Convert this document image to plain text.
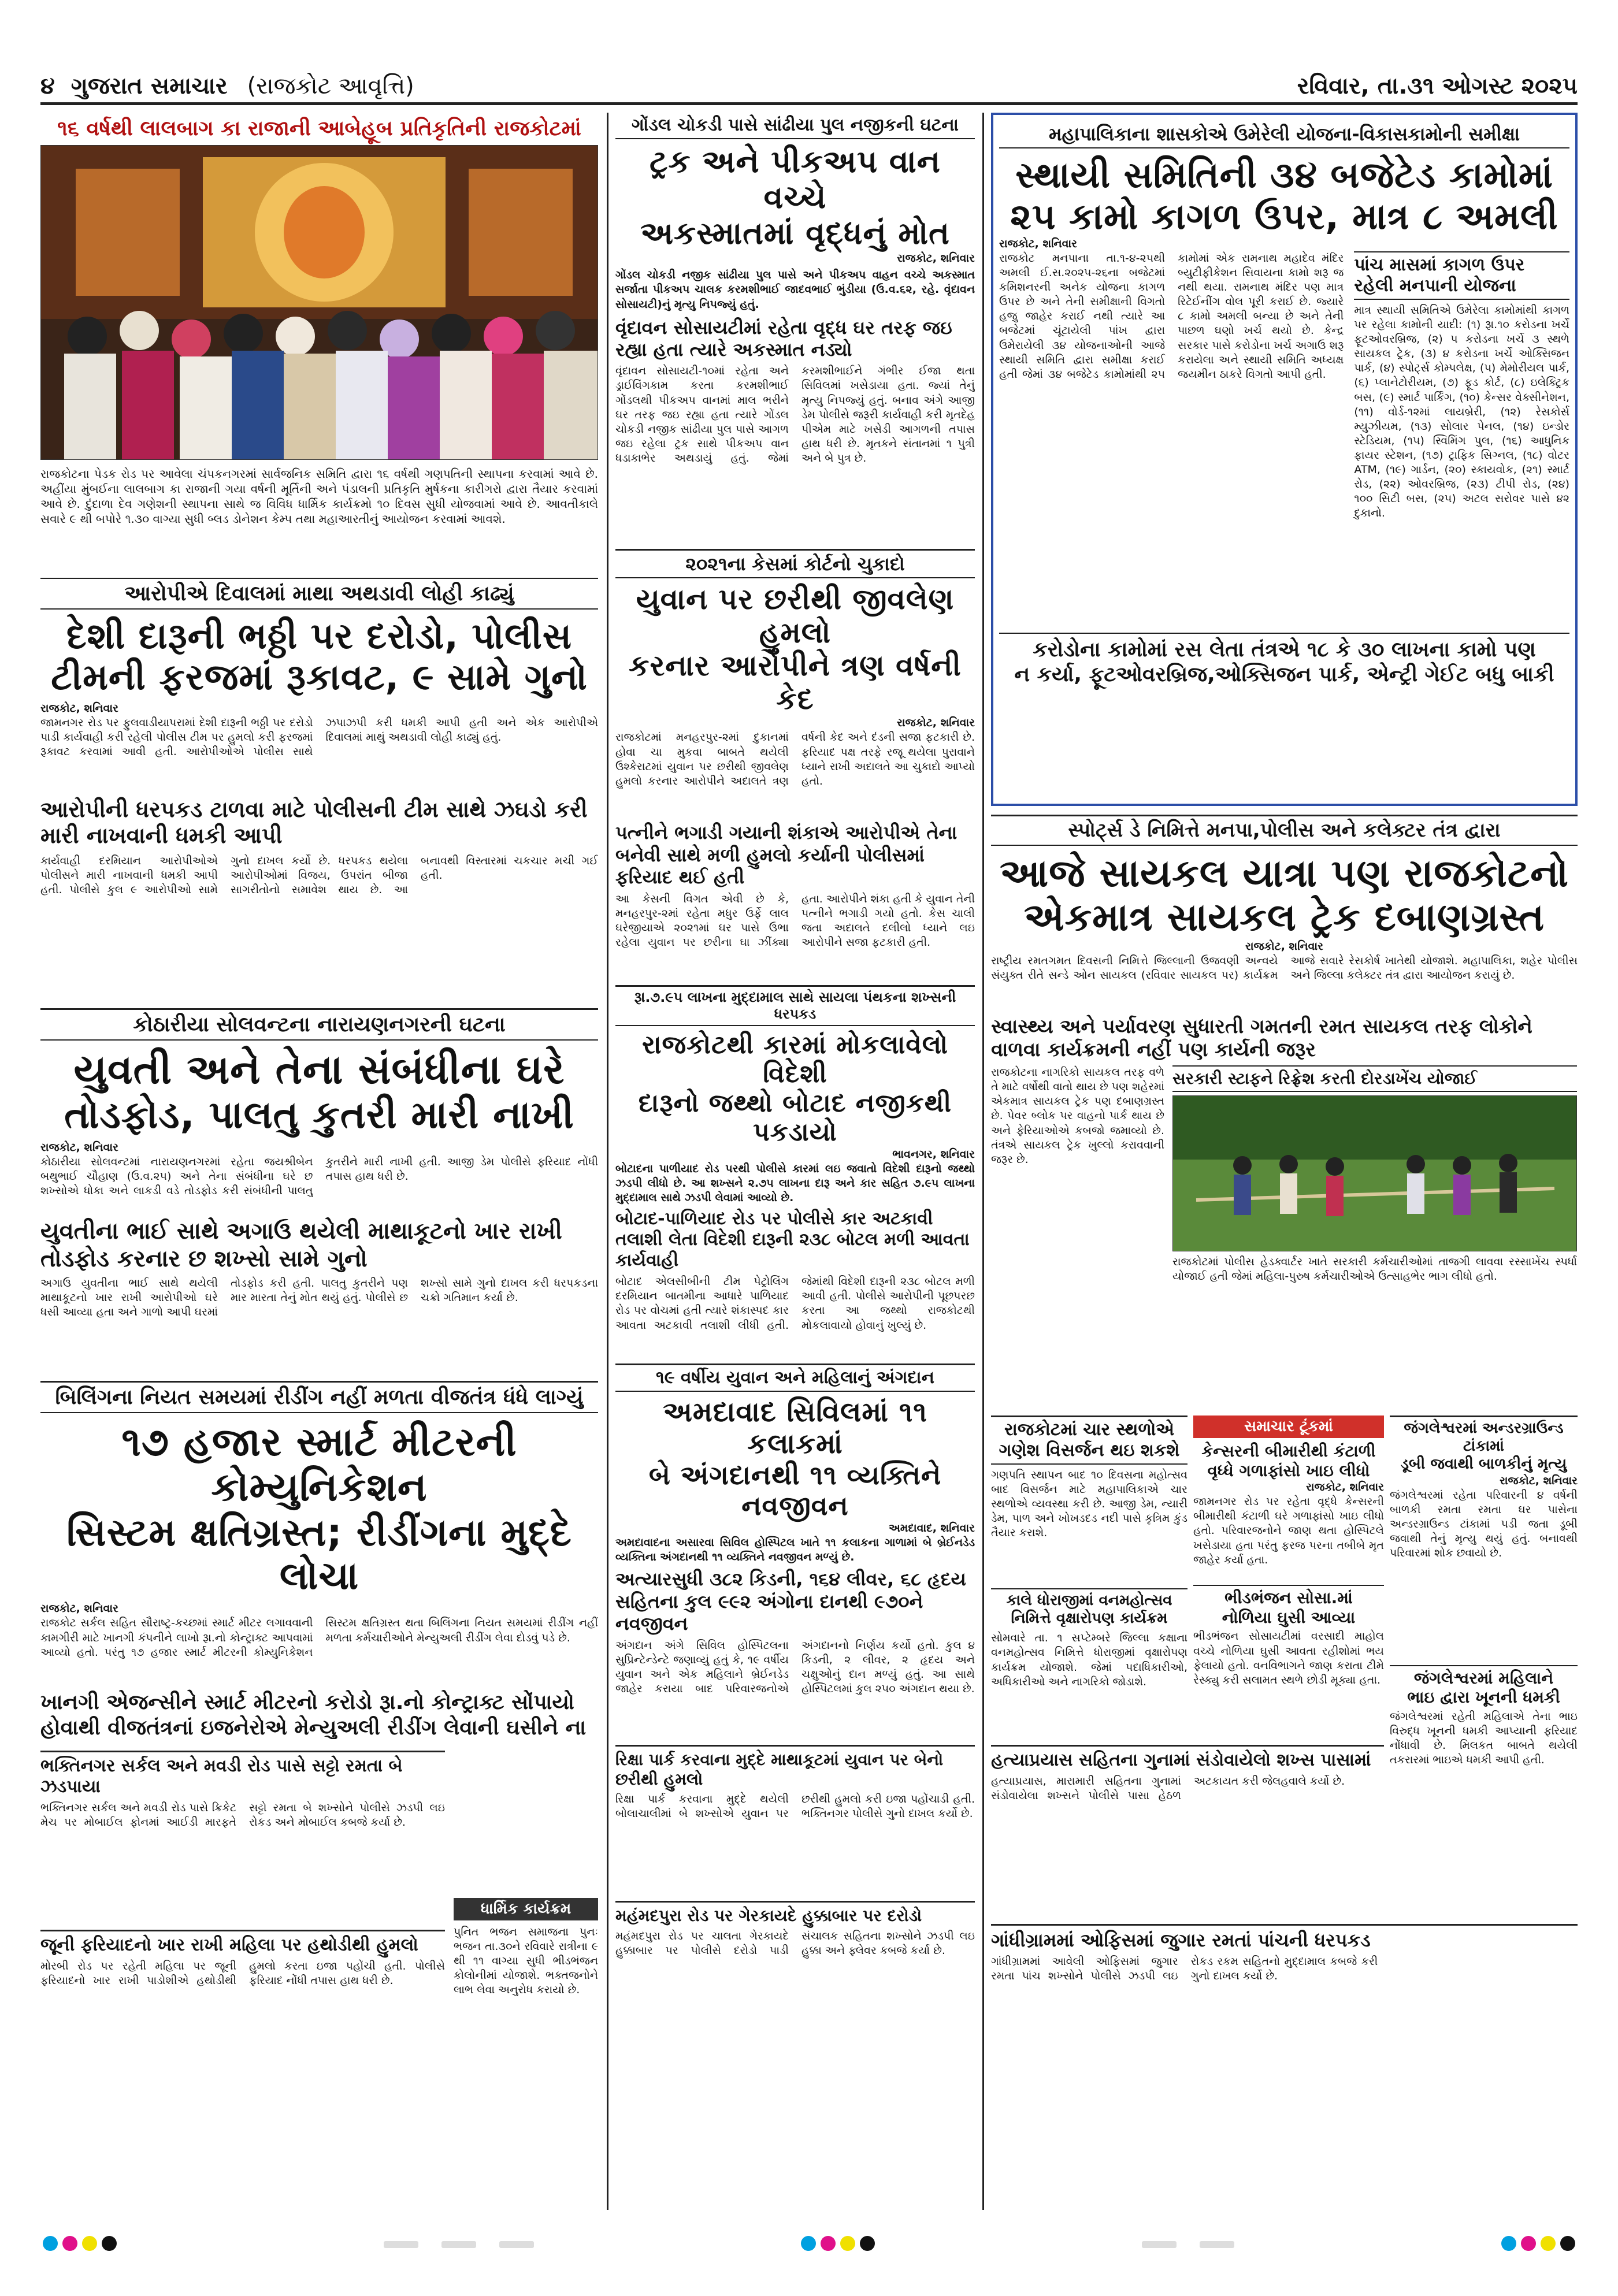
૪ ગુજરાત સમાચાર (રાજકોટ આવૃત્તિ)	રવિવાર, તા.૩૧ ઓગસ્ટ ૨૦૨૫
૧૬ વર્ષથી લાલબાગ કા રાજાની આબેહૂબ પ્રતિકૃતિની રાજકોટમાં
રાજકોટના પેડક રોડ પર આવેલા ચંપકનગરમાં સાર્વજનિક સમિતિ દ્વારા ૧૬ વર્ષથી ગણપતિની સ્થાપના કરવામાં આવે છે. અહીંયા મુંબઈના લાલબાગ કા રાજાની ગયા વર્ષની મૂર્તિની અને પંડાલની પ્રતિકૃતિ મુર્ષકના કારીગરો દ્વારા તૈયાર કરવામાં આવે છે. દુંદાળા દેવ ગણેશની સ્થાપના સાથે જ વિવિધ ધાર્મિક કાર્યક્રમો ૧૦ દિવસ સુધી યોજવામાં આવે છે. આવતીકાલે સવારે ૯ થી બપોરે ૧.૩૦ વાગ્યા સુધી બ્લડ ડોનેશન કેમ્પ તથા મહાઆરતીનું આયોજન કરવામાં આવશે.
આરોપીએ દિવાલમાં માથા અથડાવી લોહી કાઢ્યું
દેશી દારૂની ભઠ્ઠી પર દરોડો, પોલીસ
ટીમની ફરજમાં રૂકાવટ, ૯ સામે ગુનો
રાજકોટ, શનિવાર
જામનગર રોડ પર ફુલવાડીયાપરામાં દેશી દારૂની ભઠ્ઠી પર દરોડો પાડી કાર્યવાહી કરી રહેલી પોલીસ ટીમ પર હુમલો કરી ફરજમાં રૂકાવટ કરવામાં આવી હતી. આરોપીઓએ પોલીસ સાથે ઝપાઝપી કરી ધમકી આપી હતી અને એક આરોપીએ દિવાલમાં માથું અથડાવી લોહી કાઢ્યું હતું.
આરોપીની ધરપકડ ટાળવા માટે પોલીસની ટીમ સાથે ઝઘડો કરી મારી નાખવાની ધમકી આપી
કાર્યવાહી દરમિયાન આરોપીઓએ પોલીસને મારી નાખવાની ધમકી આપી હતી. પોલીસે કુલ ૯ આરોપીઓ સામે ગુનો દાખલ કર્યો છે. ધરપકડ થયેલા આરોપીઓમાં વિજય, ઉપરાંત બીજા સાગરીતોનો સમાવેશ થાય છે. આ બનાવથી વિસ્તારમાં ચકચાર મચી ગઈ હતી.
કોઠારીયા સોલવન્ટના નારાયણનગરની ઘટના
યુવતી અને તેના સંબંધીના ઘરે
તોડફોડ, પાલતુ કુતરી મારી નાખી
રાજકોટ, શનિવાર
કોઠારીયા સોલવન્ટમાં નારાયણનગરમાં રહેતા જયશ્રીબેન બથુભાઈ ચૌહાણ (ઉ.વ.૨૫) અને તેના સંબંધીના ઘરે છ શખ્સોએ ધોકા અને લાકડી વડે તોડફોડ કરી સંબંધીની પાલતુ કુતરીને મારી નાખી હતી. આજી ડેમ પોલીસે ફરિયાદ નોંધી તપાસ હાથ ધરી છે.
યુવતીના ભાઈ સાથે અગાઉ થયેલી માથાકૂટનો ખાર રાખી તોડફોડ કરનાર છ શખ્સો સામે ગુનો
અગાઉ યુવતીના ભાઈ સાથે થયેલી માથાકૂટનો ખાર રાખી આરોપીઓ ઘરે ધસી આવ્યા હતા અને ગાળો આપી ઘરમાં તોડફોડ કરી હતી. પાલતુ કુતરીને પણ માર મારતા તેનું મોત થયું હતું. પોલીસે છ શખ્સો સામે ગુનો દાખલ કરી ધરપકડના ચક્રો ગતિમાન કર્યા છે.
બિલિંગના નિયત સમયમાં રીડીંગ નહીં મળતા વીજતંત્ર ધંધે લાગ્યું
૧૭ હજાર સ્માર્ટ મીટરની કોમ્યુનિકેશન
સિસ્ટમ ક્ષતિગ્રસ્ત; રીડીંગના મુદ્દે લોચા
રાજકોટ, શનિવાર
રાજકોટ સર્કલ સહિત સૌરાષ્ટ્ર-કચ્છમાં સ્માર્ટ મીટર લગાવવાની કામગીરી માટે ખાનગી કંપનીને લાખો રૂા.નો કોન્ટ્રાક્ટ આપવામાં આવ્યો હતો. પરંતુ ૧૭ હજાર સ્માર્ટ મીટરની કોમ્યુનિકેશન સિસ્ટમ ક્ષતિગ્રસ્ત થતા બિલિંગના નિયત સમયમાં રીડીંગ નહીં મળતા કર્મચારીઓને મેન્યુઅલી રીડીંગ લેવા દોડવું પડે છે.
ખાનગી એજન્સીને સ્માર્ટ મીટરનો કરોડો રૂા.નો કોન્ટ્રાક્ટ સોંપાયો હોવાથી વીજતંત્રનાં ઇજનેરોએ મેન્યુઅલી રીડીંગ લેવાની ઘસીને ના
ભક્તિનગર સર્કલ અને મવડી રોડ પાસે સટ્ટો રમતા બે ઝડપાયા
ભક્તિનગર સર્કલ અને મવડી રોડ પાસે ક્રિકેટ મેચ પર મોબાઈલ ફોનમાં આઈડી મારફતે સટ્ટો રમતા બે શખ્સોને પોલીસે ઝડપી લઇ રોકડ અને મોબાઈલ કબજે કર્યા છે.
જૂની ફરિયાદનો ખાર રાખી મહિલા પર હથોડીથી હુમલો
મોરબી રોડ પર રહેતી મહિલા પર જૂની ફરિયાદનો ખાર રાખી પાડોશીએ હથોડીથી હુમલો કરતા ઇજા પહોંચી હતી. પોલીસે ફરિયાદ નોંધી તપાસ હાથ ધરી છે.
ધાર્મિક કાર્યક્રમ
પુનિત ભજન સમાજના પુનઃ ભજન તા.૩૦ને રવિવારે રાત્રીના ૯ થી ૧૧ વાગ્યા સુધી ભીડભંજન કોલોનીમાં યોજાશે. ભક્તજનોને લાભ લેવા અનુરોધ કરાયો છે.
ગોંડલ ચોકડી પાસે સાંઢીયા પુલ નજીકની ઘટના
ટ્રક અને પીકઅપ વાન વચ્ચે
અકસ્માતમાં વૃદ્ધનું મોત
રાજકોટ, શનિવાર
ગોંડલ ચોકડી નજીક સાંઢીયા પુલ પાસે અને પીકઅપ વાહન વચ્ચે અકસ્માત સર્જાતા પીકઅપ ચાલક કરમશીભાઈ જાદવભાઈ ભુંડીયા (ઉ.વ.૬૨, રહે. વૃંદાવન સોસાયટી)નું મૃત્યુ નિપજ્યું હતું.
વૃંદાવન સોસાયટીમાં રહેતા વૃદ્ધ ઘર તરફ જઇ રહ્યા હતા ત્યારે અકસ્માત નડ્યો
વૃંદાવન સોસાયટી-૧૦માં રહેતા અને ડ્રાઈવિંગકામ કરતા કરમશીભાઈ ગોંડલથી પીકઅપ વાનમાં માલ ભરીને ઘર તરફ જઇ રહ્યા હતા ત્યારે ગોંડલ ચોકડી નજીક સાંઢીયા પુલ પાસે આગળ જઇ રહેલા ટ્રક સાથે પીકઅપ વાન ધડાકાભેર અથડાયું હતું. જેમાં કરમશીભાઈને ગંભીર ઈજા થતા સિવિલમાં ખસેડાયા હતા. જ્યાં તેનું મૃત્યુ નિપજ્યું હતું. બનાવ અંગે આજી ડેમ પોલીસે જરૂરી કાર્યવાહી કરી મૃતદેહ પીએમ માટે ખસેડી આગળની તપાસ હાથ ધરી છે. મૃતકને સંતાનમાં ૧ પુત્રી અને બે પુત્ર છે.
૨૦૨૧ના કેસમાં કોર્ટનો ચુકાદો
યુવાન પર છરીથી જીવલેણ હુમલો
કરનાર આરોપીને ત્રણ વર્ષની કેદ
રાજકોટ, શનિવાર
રાજકોટમાં મનહરપુર-૨માં દુકાનમાં હોવા ચા મુકવા બાબતે થયેલી ઉશ્કેરાટમાં યુવાન પર છરીથી જીવલેણ હુમલો કરનાર આરોપીને અદાલતે ત્રણ વર્ષની કેદ અને દંડની સજા ફટકારી છે. ફરિયાદ પક્ષ તરફે રજૂ થયેલા પુરાવાને ધ્યાને રાખી અદાલતે આ ચુકાદો આપ્યો હતો.
પત્નીને ભગાડી ગયાની શંકાએ આરોપીએ તેના બનેવી સાથે મળી હુમલો કર્યાની પોલીસમાં ફરિયાદ થઈ હતી
આ કેસની વિગત એવી છે કે, મનહરપુર-૨માં રહેતા મધુર ઉર્ફે લાલ ઘરેજીયાએ ૨૦૨૧માં ઘર પાસે ઉભા રહેલા યુવાન પર છરીના ઘા ઝીંક્યા હતા. આરોપીને શંકા હતી કે યુવાન તેની પત્નીને ભગાડી ગયો હતો. કેસ ચાલી જતા અદાલતે દલીલો ધ્યાને લઇ આરોપીને સજા ફટકારી હતી.
રૂા.૭.૯૫ લાખના મુદ્દામાલ સાથે સાયલા પંથકના શખ્સની ધરપકડ
રાજકોટથી કારમાં મોકલાવેલો વિદેશી
દારૂનો જથ્થો બોટાદ નજીકથી પકડાયો
ભાવનગર, શનિવાર
બોટાદના પાળીયાદ રોડ પરથી પોલીસે કારમાં લઇ જવાતો વિદેશી દારૂનો જથ્થો ઝડપી લીધો છે. આ શખ્સને ૨.૭૫ લાખના દારૂ અને કાર સહિત ૭.૯૫ લાખના મુદ્દામાલ સાથે ઝડપી લેવામાં આવ્યો છે.
બોટાદ-પાળિયાદ રોડ પર પોલીસે કાર અટકાવી તલાશી લેતા વિદેશી દારૂની ૨૩૮ બોટલ મળી આવતા કાર્યવાહી
બોટાદ એલસીબીની ટીમ પેટ્રોલિંગ દરમિયાન બાતમીના આધારે પાળિયાદ રોડ પર વોચમાં હતી ત્યારે શંકાસ્પદ કાર આવતા અટકાવી તલાશી લીધી હતી. જેમાંથી વિદેશી દારૂની ૨૩૮ બોટલ મળી આવી હતી. પોલીસે આરોપીની પૂછપરછ કરતા આ જથ્થો રાજકોટથી મોકલાવાયો હોવાનું ખુલ્યું છે.
૧૯ વર્ષીય યુવાન અને મહિલાનું અંગદાન
અમદાવાદ સિવિલમાં ૧૧ કલાકમાં
બે અંગદાનથી ૧૧ વ્યક્તિને નવજીવન
અમદાવાદ, શનિવાર
અમદાવાદના અસારવા સિવિલ હોસ્પિટલ ખાતે ૧૧ કલાકના ગાળામાં બે બ્રેઈનડેડ વ્યક્તિના અંગદાનથી ૧૧ વ્યક્તિને નવજીવન મળ્યું છે.
અત્યારસુધી ૩૮૨ કિડની, ૧૬૪ લીવર, ૬૮ હૃદય સહિતના કુલ ૯૯૨ અંગોના દાનથી ૯૭૦ને નવજીવન
અંગદાન અંગે સિવિલ હોસ્પિટલના સુપ્રિન્ટેન્ડેન્ટે જણાવ્યું હતું કે, ૧૯ વર્ષીય યુવાન અને એક મહિલાને બ્રેઈનડેડ જાહેર કરાયા બાદ પરિવારજનોએ અંગદાનનો નિર્ણય કર્યો હતો. કુલ ૪ કિડની, ૨ લીવર, ૨ હૃદય અને ચક્ષુઓનું દાન મળ્યું હતું. આ સાથે હોસ્પિટલમાં કુલ ૨૫૦ અંગદાન થયા છે.
રિક્ષા પાર્ક કરવાના મુદ્દે માથાકૂટમાં યુવાન પર બેનો છરીથી હુમલો
રિક્ષા પાર્ક કરવાના મુદ્દે થયેલી બોલાચાલીમાં બે શખ્સોએ યુવાન પર છરીથી હુમલો કરી ઇજા પહોંચાડી હતી. ભક્તિનગર પોલીસે ગુનો દાખલ કર્યો છે.
મહંમદપુરા રોડ પર ગેરકાયદે હુક્કાબાર પર દરોડો
મહંમદપુરા રોડ પર ચાલતા ગેરકાયદે હુક્કાબાર પર પોલીસે દરોડો પાડી સંચાલક સહિતના શખ્સોને ઝડપી લઇ હુક્કા અને ફ્લેવર કબજે કર્યા છે.
મહાપાલિકાના શાસકોએ ઉમેરેલી યોજના-વિકાસકામોની સમીક્ષા
સ્થાયી સમિતિની ૩૪ બજેટેડ કામોમાં
૨૫ કામો કાગળ ઉપર, માત્ર ૮ અમલી
રાજકોટ, શનિવાર
રાજકોટ મનપાના તા.૧-૪-૨૫થી અમલી ઈ.સ.૨૦૨૫-૨૬ના બજેટમાં કમિશનરની અનેક યોજના કાગળ ઉપર છે અને તેની સમીક્ષાની વિગતો હજુ જાહેર કરાઈ નથી ત્યારે આ બજેટમાં ચૂંટાયેલી પાંખ દ્વારા ઉમેરાયેલી ૩૪ યોજનાઓની આજે સ્થાયી સમિતિ દ્વારા સમીક્ષા કરાઈ હતી જેમાં ૩૪ બજેટેડ કામોમાંથી ૨૫ કામોમાં એક રામનાથ મહાદેવ મંદિર બ્યુટીફીકેશન સિવાયના કામો શરૂ જ નથી થયા. રામનાથ મંદિર પણ માત્ર રિટેઈનીંગ વોલ પૂરી કરાઈ છે. જ્યારે ૮ કામો અમલી બન્યા છે અને તેની પાછળ ઘણો ખર્ચ થયો છે. કેન્દ્ર સરકાર પાસે કરોડોના ખર્ચ અગાઉ શરૂ કરાયેલા અને સ્થાયી સમિતિ અધ્યક્ષ જયમીન ઠાકરે વિગતો આપી હતી.
પાંચ માસમાં કાગળ ઉપર રહેલી મનપાની યોજના
માત્ર સ્થાયી સમિતિએ ઉમેરેલા કામોમાંથી કાગળ પર રહેલા કામોની યાદી: (૧) રૂા.૧૦ કરોડના ખર્ચે ફૂટઓવરબ્રિજ, (૨) પ કરોડના ખર્ચે ૩ સ્થળે સાયકલ ટ્રેક, (૩) ૪ કરોડના ખર્ચે ઓક્સિજન પાર્ક, (૪) સ્પોર્ટ્સ કોમ્પલેક્ષ, (૫) મેમોરીયલ પાર્ક, (૬) પ્લાનેટોરીયમ, (૭) ફૂડ કોર્ટ, (૮) ઇલેક્ટ્રિક બસ, (૯) સ્માર્ટ પાર્કિંગ, (૧૦) કેન્સર વેક્સીનેશન, (૧૧) વોર્ડ-૧૨માં લાયબ્રેરી, (૧૨) રેસકોર્સ મ્યુઝીયમ, (૧૩) સોલાર પેનલ, (૧૪) ઇન્ડોર સ્ટેડિયમ, (૧૫) સ્વિમિંગ પુલ, (૧૬) આધુનિક ફાયર સ્ટેશન, (૧૭) ટ્રાફિક સિગ્નલ, (૧૮) વોટર ATM, (૧૯) ગાર્ડન, (૨૦) સ્કાયવોક, (૨૧) સ્માર્ટ રોડ, (૨૨) ઓવરબ્રિજ, (૨૩) ટીપી રોડ, (૨૪) ૧૦૦ સિટી બસ, (૨૫) અટલ સરોવર પાસે ૪૨ દુકાનો.
કરોડોના કામોમાં રસ લેતા તંત્રએ ૧૮ કે ૩૦ લાખના કામો પણ
ન કર્યા, ફૂટઓવરબ્રિજ,ઓક્સિજન પાર્ક, એન્ટ્રી ગેઈટ બધુ બાકી
સ્પોર્ટ્સ ડે નિમિત્તે મનપા,પોલીસ અને કલેક્ટર તંત્ર દ્વારા
આજે સાયકલ યાત્રા પણ રાજકોટનો
એકમાત્ર સાયકલ ટ્રેક દબાણગ્રસ્ત
રાજકોટ, શનિવાર
રાષ્ટ્રીય રમતગમત દિવસની નિમિત્તે જિલ્લાની ઉજવણી અન્વયે સંયુક્ત રીતે સન્ડે ઓન સાયકલ (રવિવાર સાયકલ પર) કાર્યક્રમ આજે સવારે રેસકોર્ષ ખાતેથી યોજાશે. મહાપાલિકા, શહેર પોલીસ અને જિલ્લા કલેક્ટર તંત્ર દ્વારા આયોજન કરાયું છે.
સ્વાસ્થ્ય અને પર્યાવરણ સુધારતી ગમતની રમત સાયકલ તરફ લોકોને વાળવા કાર્યક્રમની નહીં પણ કાર્યની જરૂર
રાજકોટના નાગરિકો સાયકલ તરફ વળે તે માટે વર્ષોથી વાતો થાય છે પણ શહેરમાં એકમાત્ર સાયકલ ટ્રેક પણ દબાણગ્રસ્ત છે. પેવર બ્લોક પર વાહનો પાર્ક થાય છે અને ફેરિયાઓએ કબજો જમાવ્યો છે. તંત્રએ સાયકલ ટ્રેક ખુલ્લો કરાવવાની જરૂર છે.
સરકારી સ્ટાફને રિફ્રેશ કરતી દોરડાખેંચ યોજાઈ
રાજકોટમાં પોલીસ હેડક્વાર્ટર ખાતે સરકારી કર્મચારીઓમાં તાજગી લાવવા રસ્સાખેંચ સ્પર્ધા યોજાઈ હતી જેમાં મહિલા-પુરુષ કર્મચારીઓએ ઉત્સાહભેર ભાગ લીધો હતો.
રાજકોટમાં ચાર સ્થળોએ
ગણેશ વિસર્જન થઇ શકશે
ગણપતિ સ્થાપન બાદ ૧૦ દિવસના મહોત્સવ બાદ વિસર્જન માટે મહાપાલિકાએ ચાર સ્થળોએ વ્યવસ્થા કરી છે. આજી ડેમ, ન્યારી ડેમ, પાળ અને ખોખડદડ નદી પાસે કૃત્રિમ કુંડ તૈયાર કરાશે.
કાલે ધોરાજીમાં વનમહોત્સવ
નિમિત્તે વૃક્ષારોપણ કાર્યક્રમ
સોમવારે તા. ૧ સપ્ટેમ્બરે જિલ્લા કક્ષાના વનમહોત્સવ નિમિત્તે ધોરાજીમાં વૃક્ષારોપણ કાર્યક્રમ યોજાશે. જેમાં પદાધિકારીઓ, અધિકારીઓ અને નાગરિકો જોડાશે.
સમાચાર ટૂંકમાં
કેન્સરની બીમારીથી કંટાળી
વૃધ્ધે ગળાફાંસો ખાઇ લીધો
રાજકોટ, શનિવાર
જામનગર રોડ પર રહેતા વૃદ્ધે કેન્સરની બીમારીથી કંટાળી ઘરે ગળાફાંસો ખાઇ લીધો હતો. પરિવારજનોને જાણ થતા હોસ્પિટલે ખસેડાયા હતા પરંતુ ફરજ પરના તબીબે મૃત જાહેર કર્યા હતા.
ભીડભંજન સોસા.માં
નોળિયા ઘુસી આવ્યા
ભીડભંજન સોસાયટીમાં વરસાદી માહોલ વચ્ચે નોળિયા ઘુસી આવતા રહીશોમાં ભય ફેલાયો હતો. વનવિભાગને જાણ કરાતા ટીમે રેસ્ક્યુ કરી સલામત સ્થળે છોડી મૂક્યા હતા.
જંગલેશ્વરમાં અન્ડરગ્રાઉન્ડ ટાંકામાં
ડૂબી જવાથી બાળકીનું મૃત્યુ
રાજકોટ, શનિવાર
જંગલેશ્વરમાં રહેતા પરિવારની ૪ વર્ષની બાળકી રમતા રમતા ઘર પાસેના અન્ડરગ્રાઉન્ડ ટાંકામાં પડી જતા ડૂબી જવાથી તેનું મૃત્યુ થયું હતું. બનાવથી પરિવારમાં શોક છવાયો છે.
જંગલેશ્વરમાં મહિલાને
ભાઇ દ્વારા ખૂનની ધમકી
જંગલેશ્વરમાં રહેતી મહિલાએ તેના ભાઇ વિરુદ્ધ ખૂનની ધમકી આપ્યાની ફરિયાદ નોંધાવી છે. મિલકત બાબતે થયેલી તકરારમાં ભાઇએ ધમકી આપી હતી.
હત્યાપ્રયાસ સહિતના ગુનામાં સંડોવાયેલો શખ્સ પાસામાં
હત્યાપ્રયાસ, મારામારી સહિતના ગુનામાં સંડોવાયેલા શખ્સને પોલીસે પાસા હેઠળ અટકાયત કરી જેલહવાલે કર્યો છે.
ગાંધીગ્રામમાં ઓફિસમાં જુગાર રમતાં પાંચની ધરપકડ
ગાંધીગ્રામમાં આવેલી ઓફિસમાં જુગાર રમતા પાંચ શખ્સોને પોલીસે ઝડપી લઇ રોકડ રકમ સહિતનો મુદ્દામાલ કબજે કરી ગુનો દાખલ કર્યો છે.
